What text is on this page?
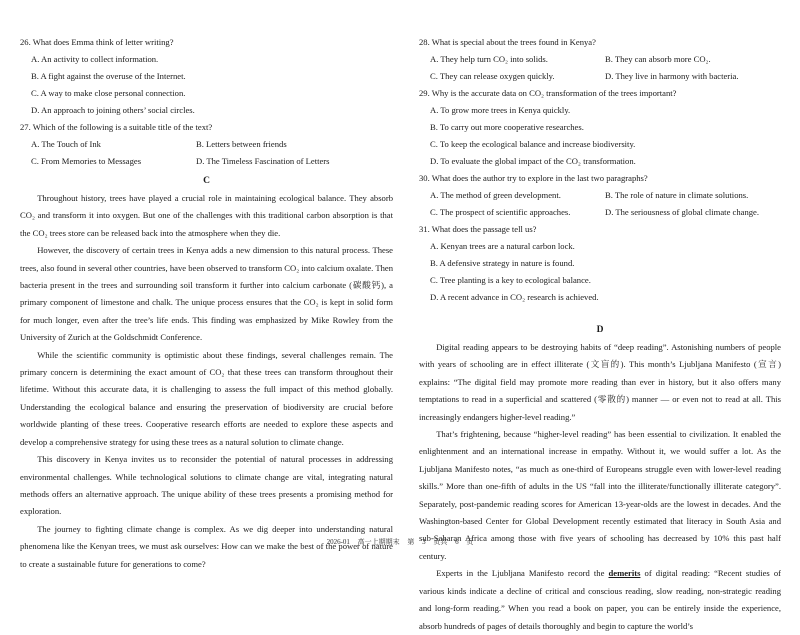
26. What does Emma think of letter writing?
A. An activity to collect information.
B. A fight against the overuse of the Internet.
C. A way to make close personal connection.
D. An approach to joining others’ social circles.
27. Which of the following is a suitable title of the text?
A. The Touch of Ink	B. Letters between friends
C. From Memories to Messages	D. The Timeless Fascination of Letters
C

Throughout history, trees have played a crucial role in maintaining ecological balance. They absorb CO₂ and transform it into oxygen. But one of the challenges with this traditional carbon absorption is that the CO₂ trees store can be released back into the atmosphere when they die.

However, the discovery of certain trees in Kenya adds a new dimension to this natural process. These trees, also found in several other countries, have been observed to transform CO₂ into calcium oxalate. Then bacteria present in the trees and surrounding soil transform it further into calcium carbonate (碳酸钙), a primary component of limestone and chalk. The unique process ensures that the CO₂ is kept in solid form for much longer, even after the tree’s life ends. This finding was emphasized by Mike Rowley from the University of Zurich at the Goldschmidt Conference.

While the scientific community is optimistic about these findings, several challenges remain. The primary concern is determining the exact amount of CO₂ that these trees can transform throughout their lifetime. Without this accurate data, it is challenging to assess the full impact of this method globally. Understanding the ecological balance and ensuring the preservation of biodiversity are crucial before worldwide planting of these trees. Cooperative research efforts are needed to explore these aspects and develop a comprehensive strategy for using these trees as a natural solution to climate change.

This discovery in Kenya invites us to reconsider the potential of natural processes in addressing environmental challenges. While technological solutions to climate change are vital, integrating natural methods offers an alternative approach. The unique ability of these trees presents a promising method for exploration.

The journey to fighting climate change is complex. As we dig deeper into understanding natural phenomena like the Kenyan trees, we must ask ourselves: How can we make the best of the power of nature to create a sustainable future for generations to come?

28. What is special about the trees found in Kenya?
A. They help turn CO₂ into solids.	B. They can absorb more CO₂.
C. They can release oxygen quickly.	D. They live in harmony with bacteria.
29. Why is the accurate data on CO₂ transformation of the trees important?
A. To grow more trees in Kenya quickly.
B. To carry out more cooperative researches.
C. To keep the ecological balance and increase biodiversity.
D. To evaluate the global impact of the CO₂ transformation.
30. What does the author try to explore in the last two paragraphs?
A. The method of green development.	B. The role of nature in climate solutions.
C. The prospect of scientific approaches.	D. The seriousness of global climate change.
31. What does the passage tell us?
A. Kenyan trees are a natural carbon lock.
B. A defensive strategy in nature is found.
C. Tree planting is a key to ecological balance.
D. A recent advance in CO₂ research is achieved.
D

Digital reading appears to be destroying habits of “deep reading”. Astonishing numbers of people with years of schooling are in effect illiterate (文盲的). This month’s Ljubljana Manifesto (宣言) explains: “The digital field may promote more reading than ever in history, but it also offers many temptations to read in a superficial and scattered (零散的) manner — or even not to read at all. This increasingly endangers higher-level reading.”

That’s frightening, because “higher-level reading” has been essential to civilization. It enabled the enlightenment and an international increase in empathy. Without it, we would suffer a lot. As the Ljubljana Manifesto notes, “as much as one-third of Europeans struggle even with lower-level reading skills.” More than one-fifth of adults in the US “fall into the illiterate/functionally illiterate category”. Separately, post-pandemic reading scores for American 13-year-olds are the lowest in decades. And the Washington-based Center for Global Development recently estimated that literacy in South Asia and sub-Saharan Africa among those with five years of schooling has decreased by 10% this past half century.

Experts in the Ljubljana Manifesto record the demerits of digital reading: “Recent studies of various kinds indicate a decline of critical and conscious reading, slow reading, non-strategic reading and long-form reading.” When you read a book on paper, you can be entirely inside the experience, absorb hundreds of pages of details thoroughly and begin to capture the world’s

2026-01 高一上期期末 第 3 页共 6 页
